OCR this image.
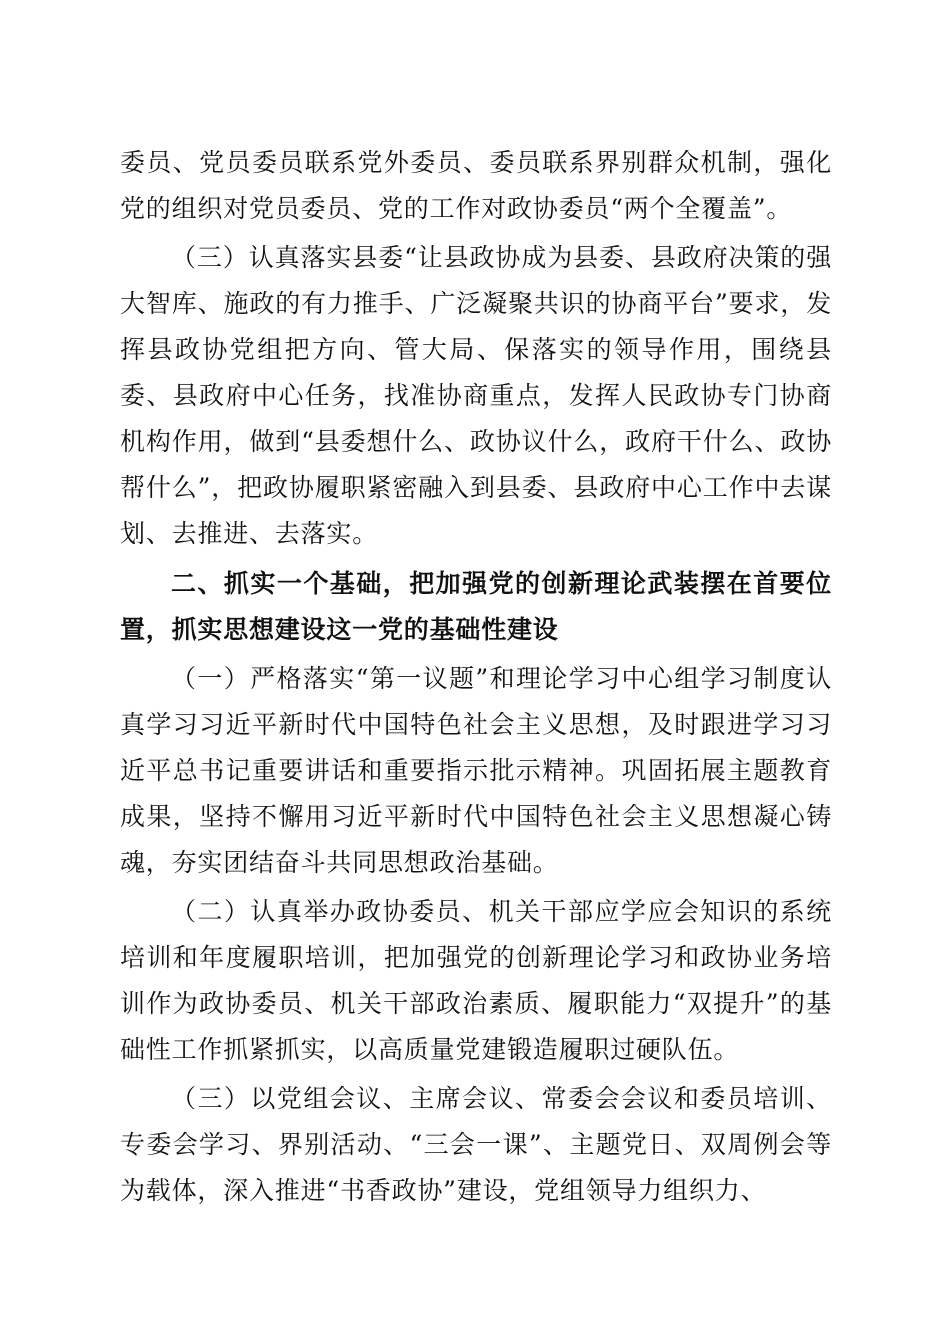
委员、党员委员联系党外委员、委员联系界别群众机制，强化党的组织对党员委员、党的工作对政协委员“两个全覆盖”。

（三）认真落实县委“让县政协成为县委、县政府决策的强大智库、施政的有力推手、广泛凝聚共识的协商平台”要求，发挥县政协党组把方向、管大局、保落实的领导作用，围绕县委、县政府中心任务，找准协商重点，发挥人民政协专门协商机构作用，做到“县委想什么、政协议什么，政府干什么、政协帮什么”，把政协履职紧密融入到县委、县政府中心工作中去谋划、去推进、去落实。

二、抓实一个基础，把加强党的创新理论武装摆在首要位置，抓实思想建设这一党的基础性建设

（一）严格落实“第一议题”和理论学习中心组学习制度认真学习习近平新时代中国特色社会主义思想，及时跟进学习习近平总书记重要讲话和重要指示批示精神。巩固拓展主题教育成果，坚持不懈用习近平新时代中国特色社会主义思想凝心铸魂，夯实团结奋斗共同思想政治基础。

（二）认真举办政协委员、机关干部应学应会知识的系统培训和年度履职培训，把加强党的创新理论学习和政协业务培训作为政协委员、机关干部政治素质、履职能力“双提升”的基础性工作抓紧抓实，以高质量党建锻造履职过硬队伍。

（三）以党组会议、主席会议、常委会会议和委员培训、专委会学习、界别活动、“三会一课”、主题党日、双周例会等为载体，深入推进“书香政协”建设，党组领导力组织力、
